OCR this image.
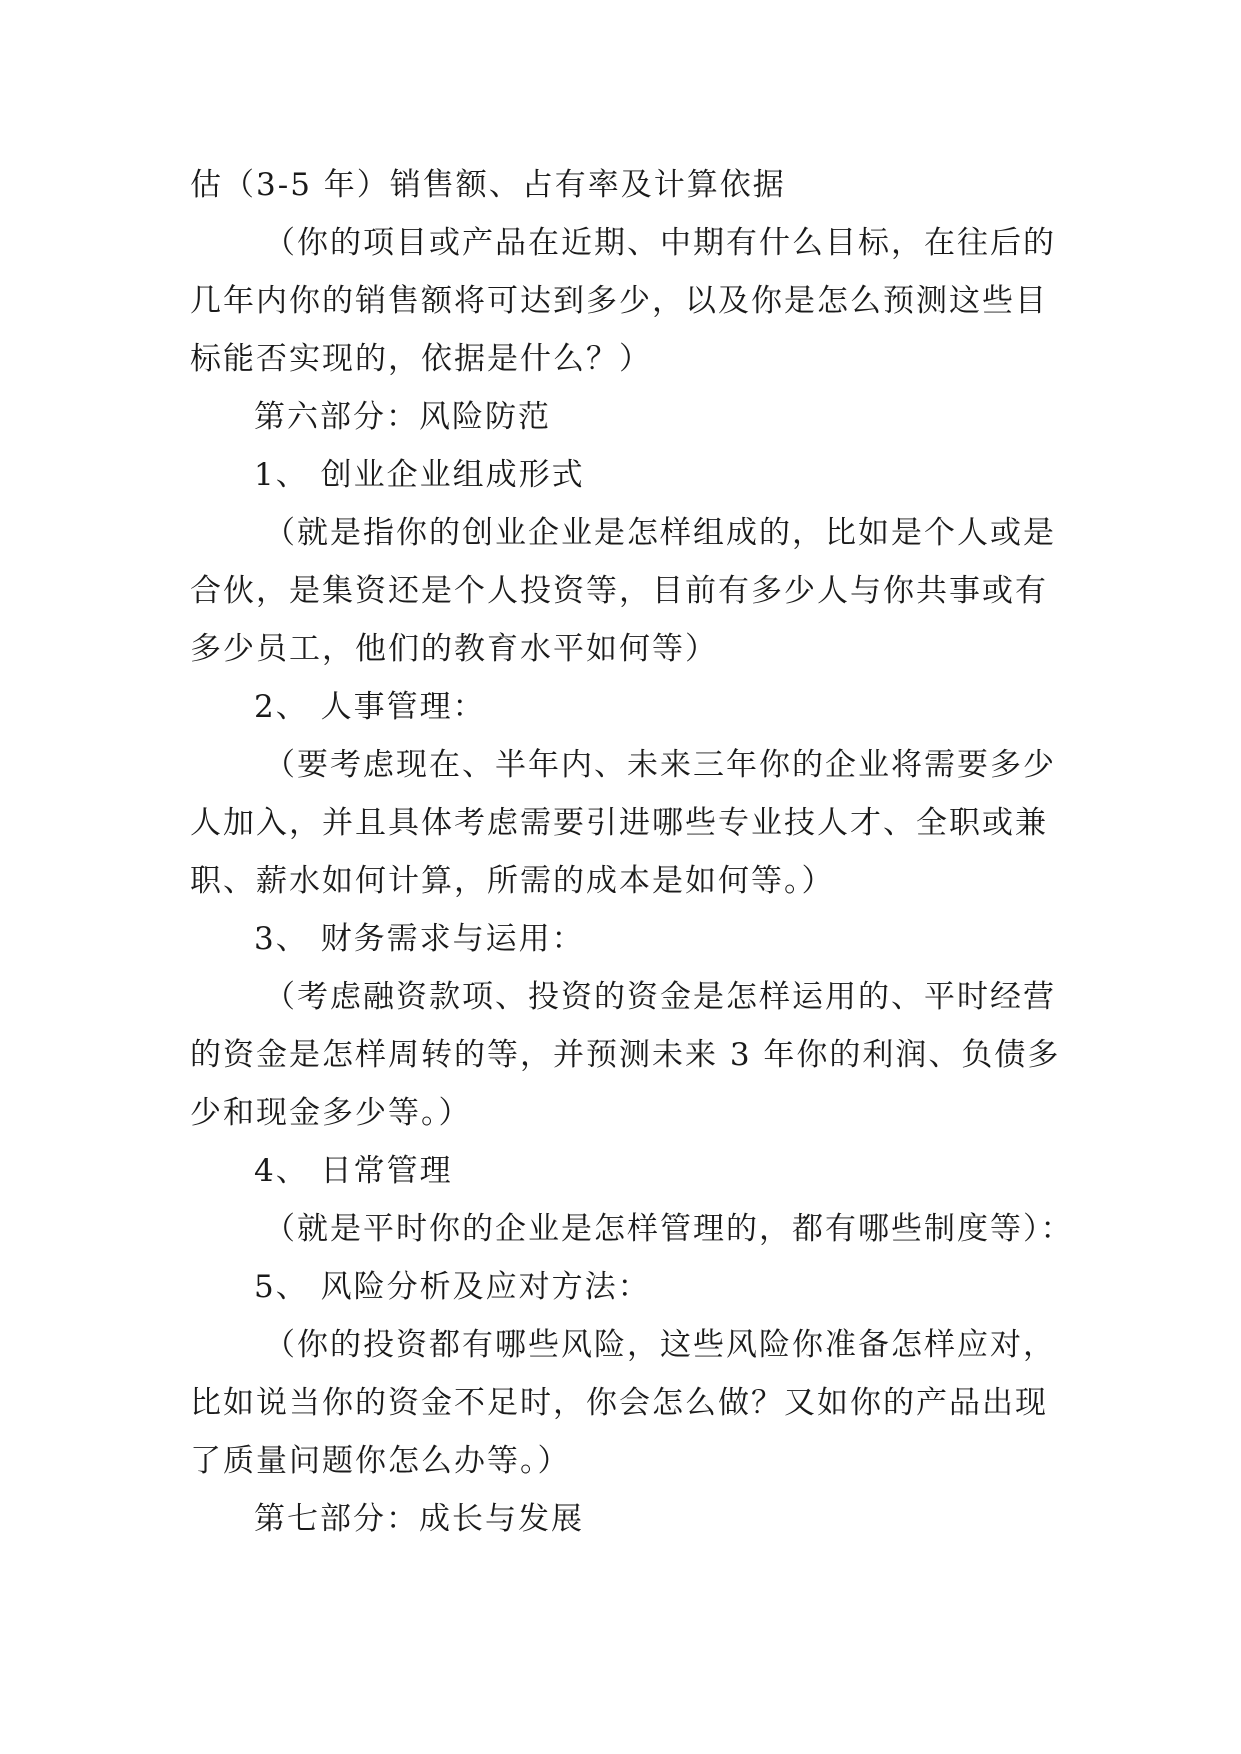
估（3-5 年）销售额、占有率及计算依据
（你的项目或产品在近期、中期有什么目标，在往后的
几年内你的销售额将可达到多少，以及你是怎么预测这些目
标能否实现的，依据是什么？）
第六部分：风险防范
1、 创业企业组成形式
（就是指你的创业企业是怎样组成的，比如是个人或是
合伙，是集资还是个人投资等，目前有多少人与你共事或有
多少员工，他们的教育水平如何等）
2、 人事管理：
（要考虑现在、半年内、未来三年你的企业将需要多少
人加入，并且具体考虑需要引进哪些专业技人才、全职或兼
职、薪水如何计算，所需的成本是如何等。）
3、 财务需求与运用：
（考虑融资款项、投资的资金是怎样运用的、平时经营
的资金是怎样周转的等，并预测未来 3 年你的利润、负债多
少和现金多少等。）
4、 日常管理
（就是平时你的企业是怎样管理的，都有哪些制度等）：
5、 风险分析及应对方法：
（你的投资都有哪些风险，这些风险你准备怎样应对，
比如说当你的资金不足时，你会怎么做？又如你的产品出现
了质量问题你怎么办等。）
第七部分：成长与发展
